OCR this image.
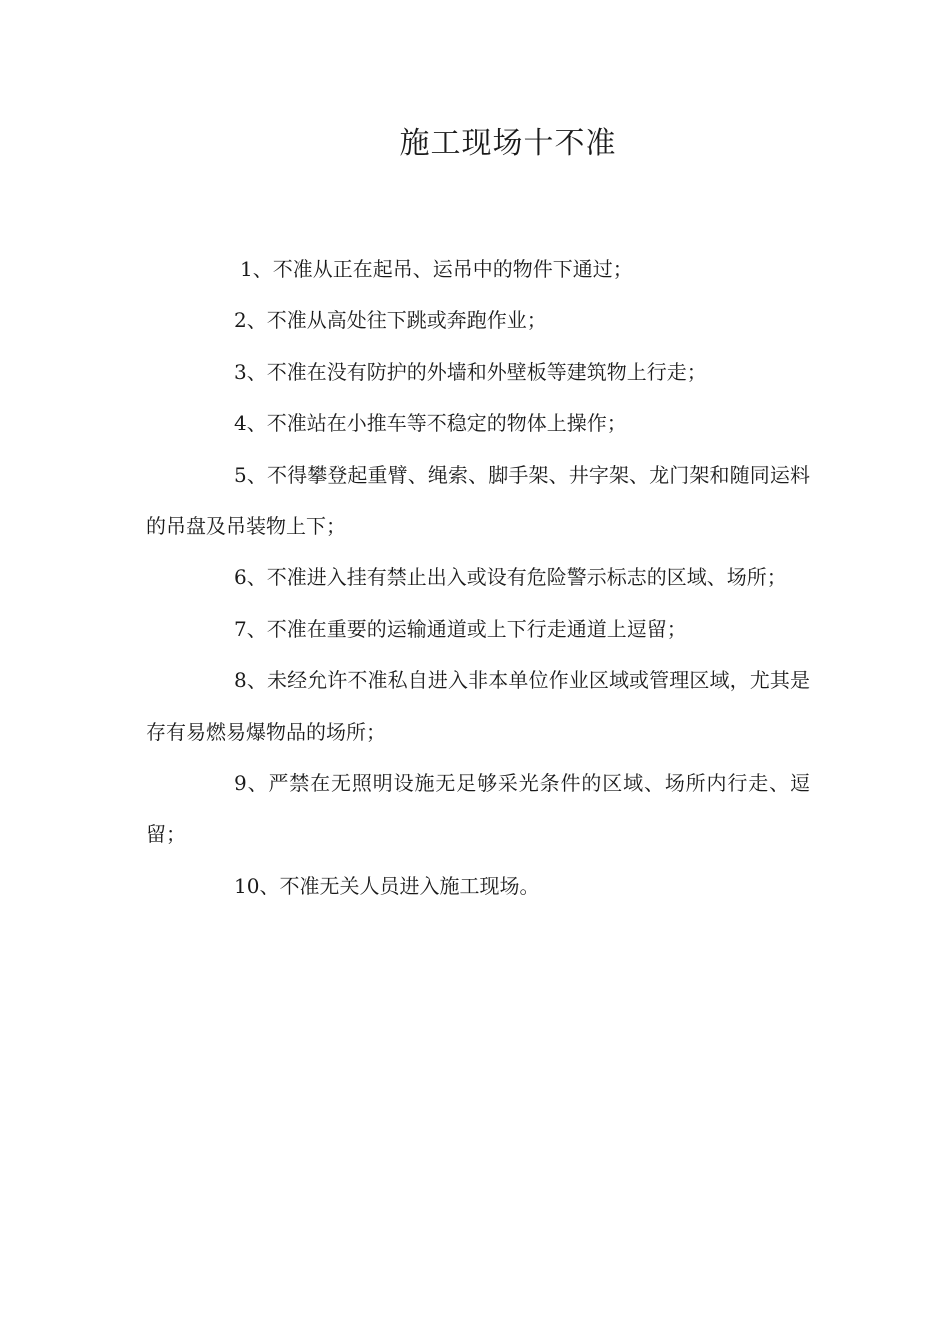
施工现场十不准
1、不准从正在起吊、运吊中的物件下通过；
2、不准从高处往下跳或奔跑作业；
3、不准在没有防护的外墙和外壁板等建筑物上行走；
4、不准站在小推车等不稳定的物体上操作；
5、不得攀登起重臂、绳索、脚手架、井字架、龙门架和随同运料的吊盘及吊装物上下；
6、不准进入挂有禁止出入或设有危险警示标志的区域、场所；
7、不准在重要的运输通道或上下行走通道上逗留；
8、未经允许不准私自进入非本单位作业区域或管理区域，尤其是存有易燃易爆物品的场所；
9、严禁在无照明设施无足够采光条件的区域、场所内行走、逗留；
10、不准无关人员进入施工现场。
